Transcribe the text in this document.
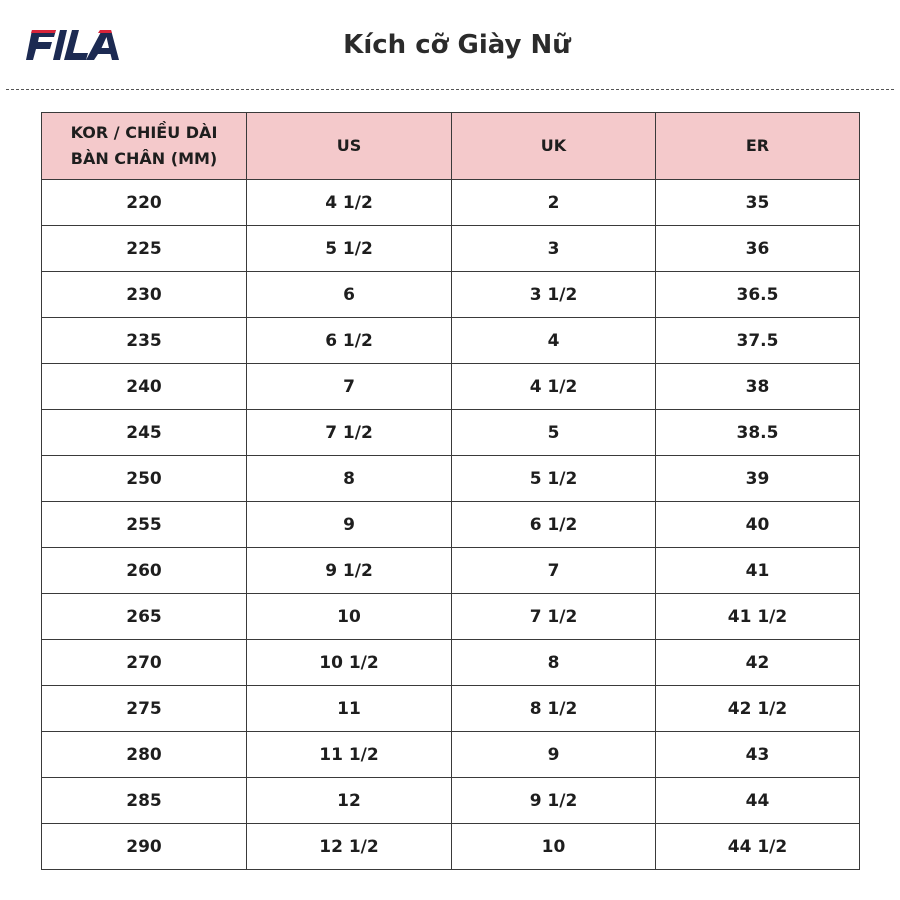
Kích cỡ Giày Nữ
KOR / CHIỀU DÀI BÀN CHÂN (MM)	US	UK	ER
220	4 1/2	2	35
225	5 1/2	3	36
230	6	3 1/2	36.5
235	6 1/2	4	37.5
240	7	4 1/2	38
245	7 1/2	5	38.5
250	8	5 1/2	39
255	9	6 1/2	40
260	9 1/2	7	41
265	10	7 1/2	41 1/2
270	10 1/2	8	42
275	11	8 1/2	42 1/2
280	11 1/2	9	43
285	12	9 1/2	44
290	12 1/2	10	44 1/2
